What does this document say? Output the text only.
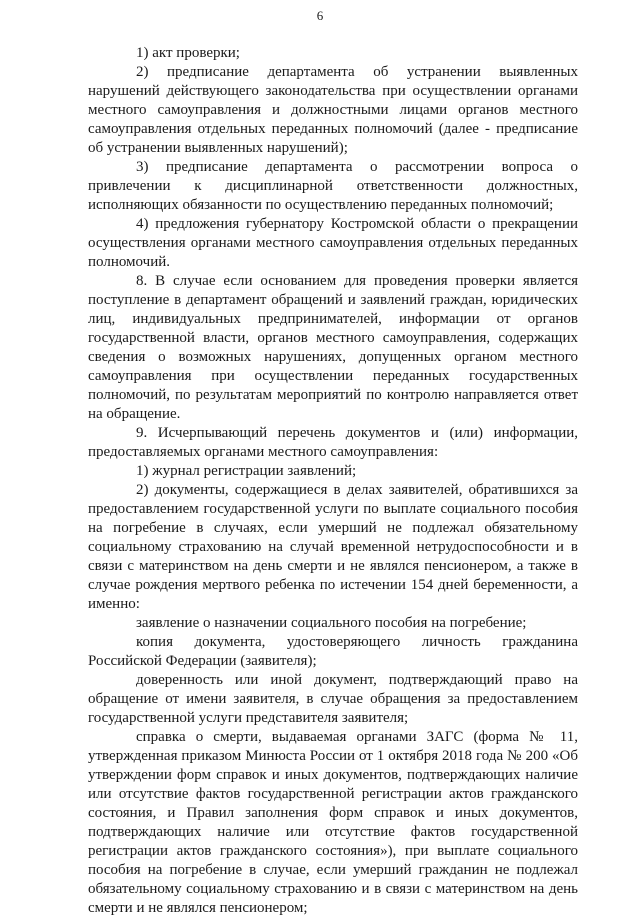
6

1) акт проверки;

2) предписание департамента об устранении выявленных нарушений действующего законодательства при осуществлении органами местного самоуправления и должностными лицами органов местного самоуправления отдельных переданных полномочий (далее - предписание об устранении выявленных нарушений);

3) предписание департамента о рассмотрении вопроса о привлечении к дисциплинарной ответственности должностных, исполняющих обязанности по осуществлению переданных полномочий;

4) предложения губернатору Костромской области о прекращении осуществления органами местного самоуправления отдельных переданных полномочий.

8. В случае если основанием для проведения проверки является поступление в департамент обращений и заявлений граждан, юридических лиц, индивидуальных предпринимателей, информации от органов государственной власти, органов местного самоуправления, содержащих сведения о возможных нарушениях, допущенных органом местного самоуправления при осуществлении переданных государственных полномочий, по результатам мероприятий по контролю направляется ответ на обращение.

9. Исчерпывающий перечень документов и (или) информации, предоставляемых органами местного самоуправления:

1) журнал регистрации заявлений;

2) документы, содержащиеся в делах заявителей, обратившихся за предоставлением государственной услуги по выплате социального пособия на погребение в случаях, если умерший не подлежал обязательному социальному страхованию на случай временной нетрудоспособности и в связи с материнством на день смерти и не являлся пенсионером, а также в случае рождения мертвого ребенка по истечении 154 дней беременности, а именно:

заявление о назначении социального пособия на погребение;

копия документа, удостоверяющего личность гражданина Российской Федерации (заявителя);

доверенность или иной документ, подтверждающий право на обращение от имени заявителя, в случае обращения за предоставлением государственной услуги представителя заявителя;

справка о смерти, выдаваемая органами ЗАГС (форма № 11, утвержденная приказом Минюста России от 1 октября 2018 года № 200 «Об утверждении форм справок и иных документов, подтверждающих наличие или отсутствие фактов государственной регистрации актов гражданского состояния, и Правил заполнения форм справок и иных документов, подтверждающих наличие или отсутствие фактов государственной регистрации актов гражданского состояния»), при выплате социального пособия на погребение в случае, если умерший гражданин не подлежал обязательному социальному страхованию и в связи с материнством на день смерти и не являлся пенсионером;
